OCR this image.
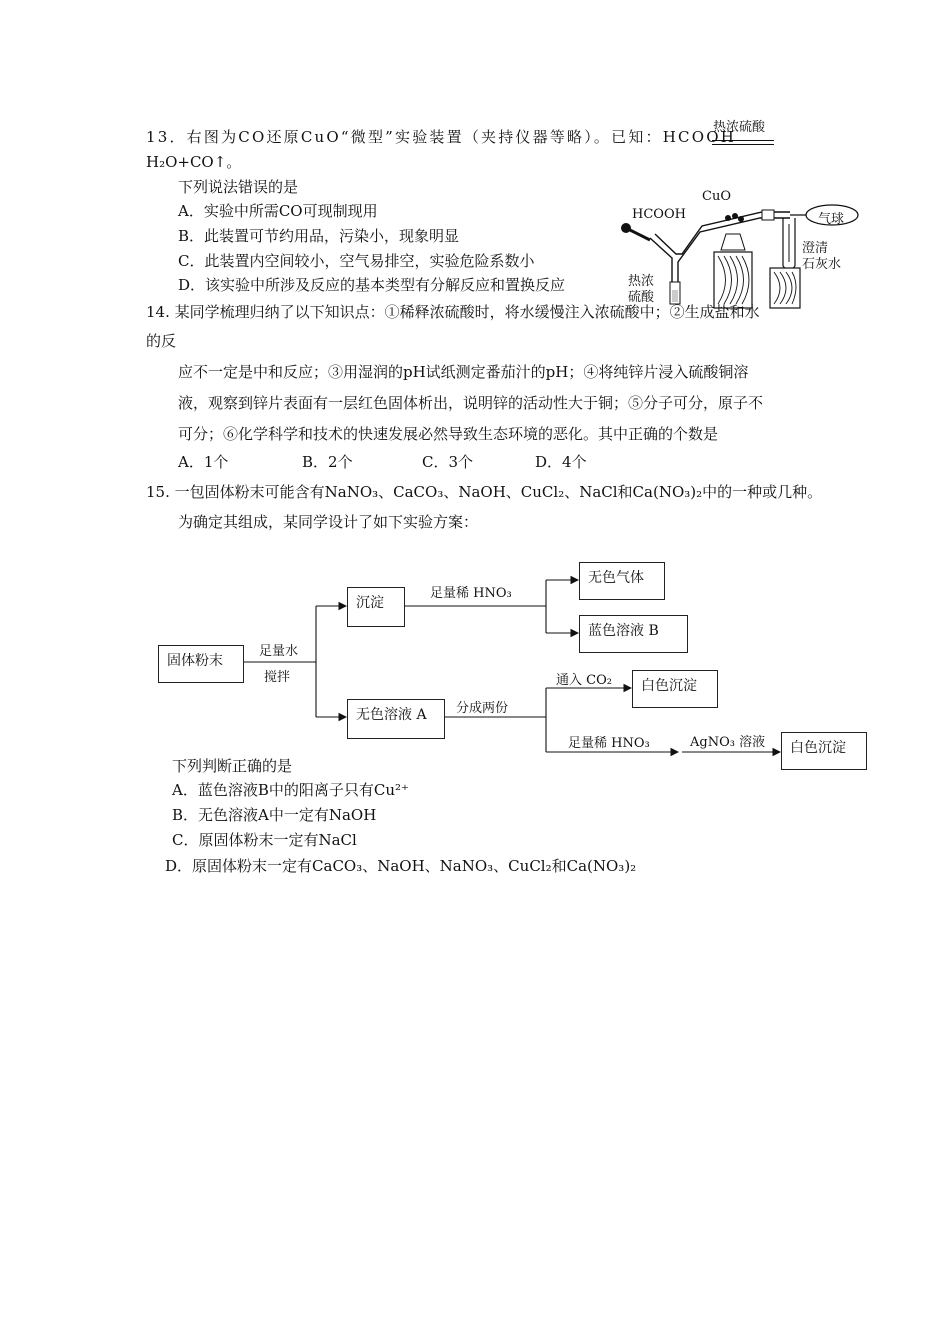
13．右图为CO还原CuO“微型”实验装置（夹持仪器等略）。已知：HCOOH
热浓硫酸
H₂O+CO↑。
下列说法错误的是
A．实验中所需CO可现制现用
B．此装置可节约用品，污染小，现象明显
C．此装置内空间较小，空气易排空，实验危险系数小
D．该实验中所涉及反应的基本类型有分解反应和置换反应
HCOOH
CuO
气球
澄清
石灰水
热浓
硫酸
14. 某同学梳理归纳了以下知识点：①稀释浓硫酸时，将水缓慢注入浓硫酸中；②生成盐和水
的反
应不一定是中和反应；③用湿润的pH试纸测定番茄汁的pH；④将纯锌片浸入硫酸铜溶
液，观察到锌片表面有一层红色固体析出，说明锌的活动性大于铜；⑤分子可分，原子不
可分；⑥化学科学和技术的快速发展必然导致生态环境的恶化。其中正确的个数是
A．1个	B．2个	C．3个	D．4个
15. 一包固体粉末可能含有NaNO₃、CaCO₃、NaOH、CuCl₂、NaCl和Ca(NO₃)₂中的一种或几种。
为确定其组成，某同学设计了如下实验方案：
固体粉末
沉淀
无色气体
蓝色溶液 B
无色溶液 A
白色沉淀
白色沉淀
足量水
搅拌
足量稀 HNO₃
分成两份
通入 CO₂
足量稀 HNO₃	AgNO₃ 溶液
下列判断正确的是
A．蓝色溶液B中的阳离子只有Cu²⁺
B．无色溶液A中一定有NaOH
C．原固体粉末一定有NaCl
D．原固体粉末一定有CaCO₃、NaOH、NaNO₃、CuCl₂和Ca(NO₃)₂
